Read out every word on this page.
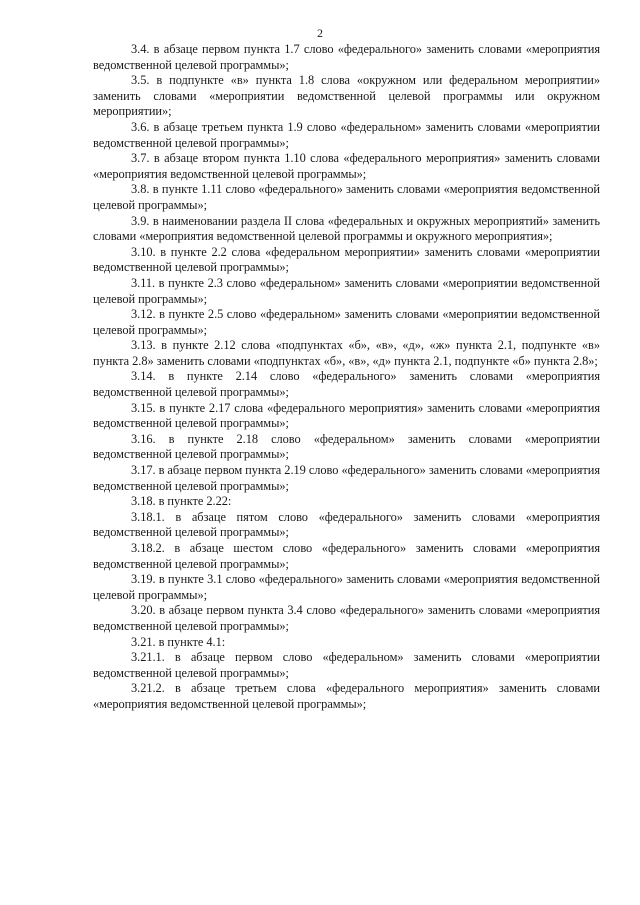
2

3.4. в абзаце первом пункта 1.7 слово «федерального» заменить словами «мероприятия ведомственной целевой программы»;

3.5. в подпункте «в» пункта 1.8 слова «окружном или федеральном мероприятии» заменить словами «мероприятии ведомственной целевой программы или окружном мероприятии»;

3.6. в абзаце третьем пункта 1.9 слово «федеральном» заменить словами «мероприятии ведомственной целевой программы»;

3.7. в абзаце втором пункта 1.10 слова «федерального мероприятия» заменить словами «мероприятия ведомственной целевой программы»;

3.8. в пункте 1.11 слово «федерального» заменить словами «мероприятия ведомственной целевой программы»;

3.9. в наименовании раздела II слова «федеральных и окружных мероприятий» заменить словами «мероприятия ведомственной целевой программы и окружного мероприятия»;

3.10. в пункте 2.2 слова «федеральном мероприятии» заменить словами «мероприятии ведомственной целевой программы»;

3.11. в пункте 2.3 слово «федеральном» заменить словами «мероприятии ведомственной целевой программы»;

3.12. в пункте 2.5 слово «федеральном» заменить словами «мероприятии ведомственной целевой программы»;

3.13. в пункте 2.12 слова «подпунктах «б», «в», «д», «ж» пункта 2.1, подпункте «в» пункта 2.8» заменить словами «подпунктах «б», «в», «д» пункта 2.1, подпункте «б» пункта 2.8»;

3.14. в пункте 2.14 слово «федерального» заменить словами «мероприятия ведомственной целевой программы»;

3.15. в пункте 2.17 слова «федерального мероприятия» заменить словами «мероприятия ведомственной целевой программы»;

3.16. в пункте 2.18 слово «федеральном» заменить словами «мероприятии ведомственной целевой программы»;

3.17. в абзаце первом пункта 2.19 слово «федерального» заменить словами «мероприятия ведомственной целевой программы»;

3.18. в пункте 2.22:

3.18.1. в абзаце пятом слово «федерального» заменить словами «мероприятия ведомственной целевой программы»;

3.18.2. в абзаце шестом слово «федерального» заменить словами «мероприятия ведомственной целевой программы»;

3.19. в пункте 3.1 слово «федерального» заменить словами «мероприятия ведомственной целевой программы»;

3.20. в абзаце первом пункта 3.4 слово «федерального» заменить словами «мероприятия ведомственной целевой программы»;

3.21. в пункте 4.1:

3.21.1. в абзаце первом слово «федеральном» заменить словами «мероприятии ведомственной целевой программы»;

3.21.2. в абзаце третьем слова «федерального мероприятия» заменить словами «мероприятия ведомственной целевой программы»;
